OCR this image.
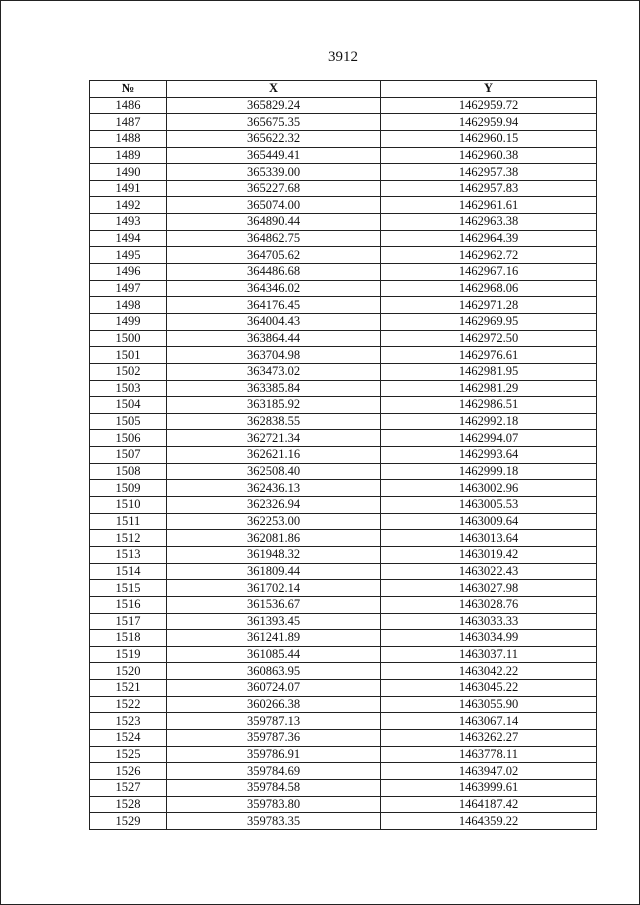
3912
№	X	Y
1486	365829.24	1462959.72
1487	365675.35	1462959.94
1488	365622.32	1462960.15
1489	365449.41	1462960.38
1490	365339.00	1462957.38
1491	365227.68	1462957.83
1492	365074.00	1462961.61
1493	364890.44	1462963.38
1494	364862.75	1462964.39
1495	364705.62	1462962.72
1496	364486.68	1462967.16
1497	364346.02	1462968.06
1498	364176.45	1462971.28
1499	364004.43	1462969.95
1500	363864.44	1462972.50
1501	363704.98	1462976.61
1502	363473.02	1462981.95
1503	363385.84	1462981.29
1504	363185.92	1462986.51
1505	362838.55	1462992.18
1506	362721.34	1462994.07
1507	362621.16	1462993.64
1508	362508.40	1462999.18
1509	362436.13	1463002.96
1510	362326.94	1463005.53
1511	362253.00	1463009.64
1512	362081.86	1463013.64
1513	361948.32	1463019.42
1514	361809.44	1463022.43
1515	361702.14	1463027.98
1516	361536.67	1463028.76
1517	361393.45	1463033.33
1518	361241.89	1463034.99
1519	361085.44	1463037.11
1520	360863.95	1463042.22
1521	360724.07	1463045.22
1522	360266.38	1463055.90
1523	359787.13	1463067.14
1524	359787.36	1463262.27
1525	359786.91	1463778.11
1526	359784.69	1463947.02
1527	359784.58	1463999.61
1528	359783.80	1464187.42
1529	359783.35	1464359.22
